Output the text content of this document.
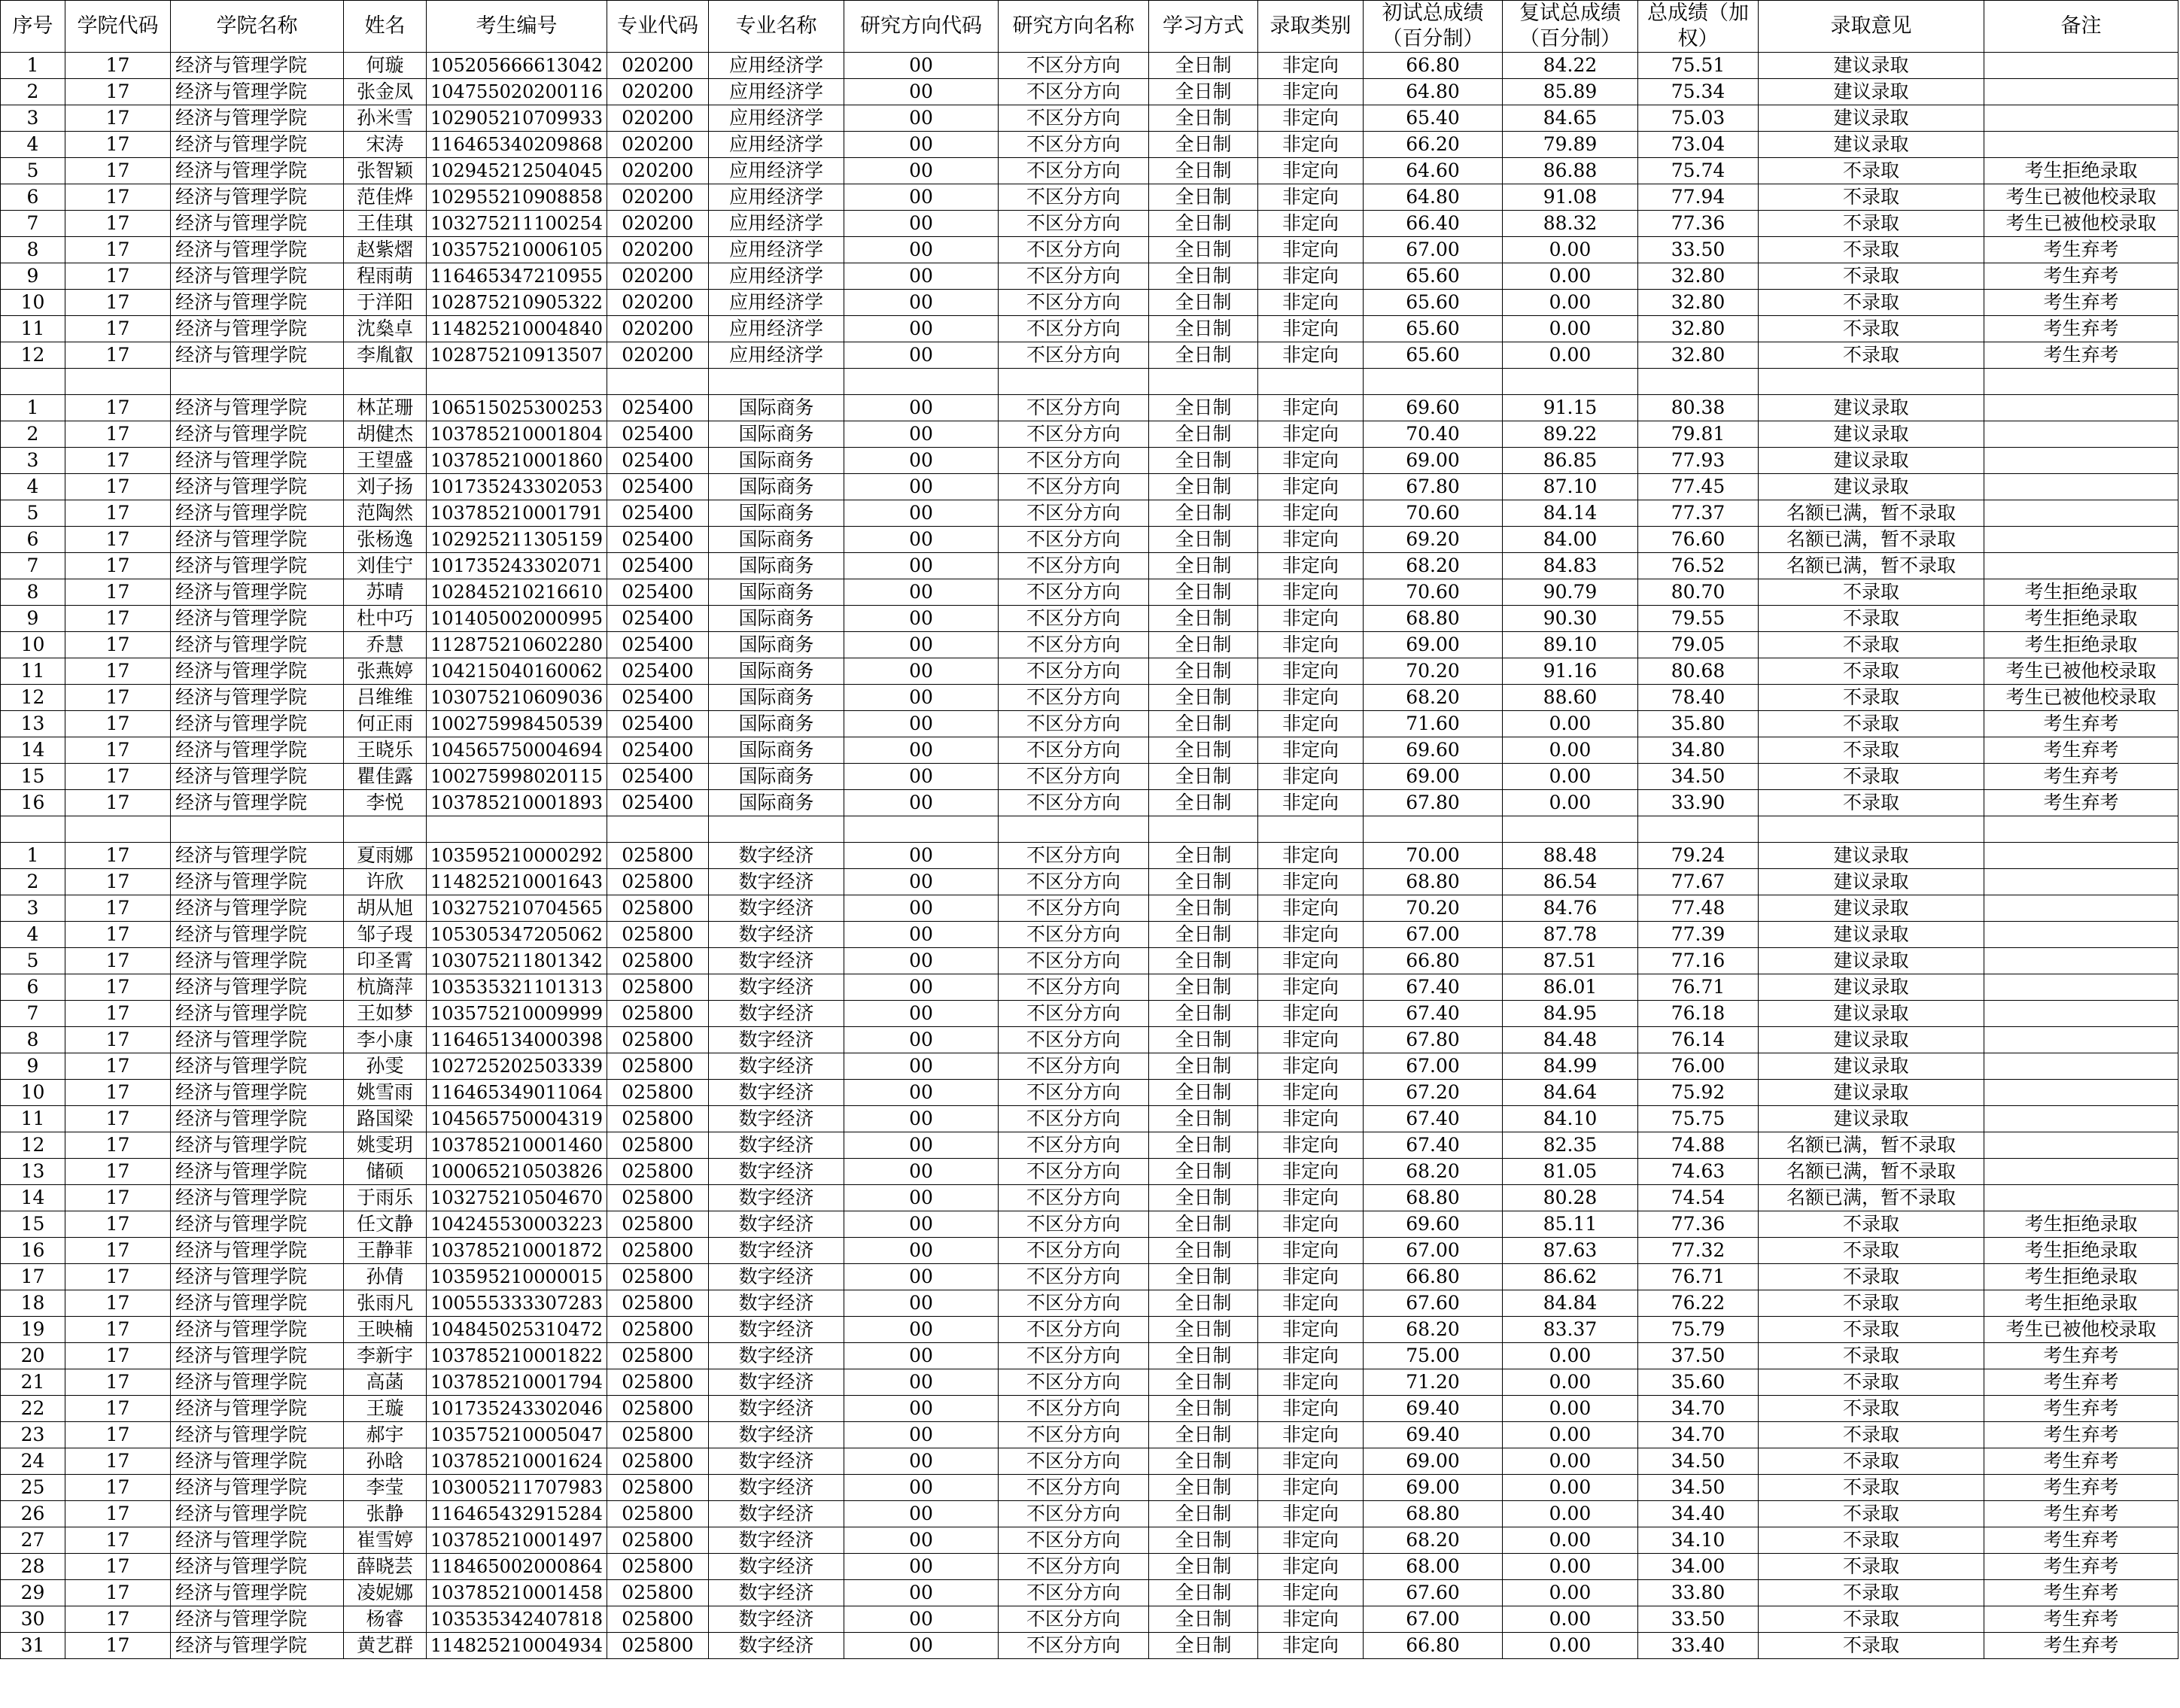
序号	学院代码	学院名称	姓名	考生编号	专业代码	专业名称	研究方向代码	研究方向名称	学习方式	录取类别	初试总成绩（百分制）	复试总成绩（百分制）	总成绩（加权）	录取意见	备注
1	17	经济与管理学院	何璇	105205666613042	020200	应用经济学	00	不区分方向	全日制	非定向	66.80	84.22	75.51	建议录取	
2	17	经济与管理学院	张金凤	104755020200116	020200	应用经济学	00	不区分方向	全日制	非定向	64.80	85.89	75.34	建议录取	
3	17	经济与管理学院	孙米雪	102905210709933	020200	应用经济学	00	不区分方向	全日制	非定向	65.40	84.65	75.03	建议录取	
4	17	经济与管理学院	宋涛	116465340209868	020200	应用经济学	00	不区分方向	全日制	非定向	66.20	79.89	73.04	建议录取	
5	17	经济与管理学院	张智颖	102945212504045	020200	应用经济学	00	不区分方向	全日制	非定向	64.60	86.88	75.74	不录取	考生拒绝录取
6	17	经济与管理学院	范佳烨	102955210908858	020200	应用经济学	00	不区分方向	全日制	非定向	64.80	91.08	77.94	不录取	考生已被他校录取
7	17	经济与管理学院	王佳琪	103275211100254	020200	应用经济学	00	不区分方向	全日制	非定向	66.40	88.32	77.36	不录取	考生已被他校录取
8	17	经济与管理学院	赵紫熠	103575210006105	020200	应用经济学	00	不区分方向	全日制	非定向	67.00	0.00	33.50	不录取	考生弃考
9	17	经济与管理学院	程雨萌	116465347210955	020200	应用经济学	00	不区分方向	全日制	非定向	65.60	0.00	32.80	不录取	考生弃考
10	17	经济与管理学院	于洋阳	102875210905322	020200	应用经济学	00	不区分方向	全日制	非定向	65.60	0.00	32.80	不录取	考生弃考
11	17	经济与管理学院	沈燊卓	114825210004840	020200	应用经济学	00	不区分方向	全日制	非定向	65.60	0.00	32.80	不录取	考生弃考
12	17	经济与管理学院	李胤叡	102875210913507	020200	应用经济学	00	不区分方向	全日制	非定向	65.60	0.00	32.80	不录取	考生弃考

1	17	经济与管理学院	林芷珊	106515025300253	025400	国际商务	00	不区分方向	全日制	非定向	69.60	91.15	80.38	建议录取	
2	17	经济与管理学院	胡健杰	103785210001804	025400	国际商务	00	不区分方向	全日制	非定向	70.40	89.22	79.81	建议录取	
3	17	经济与管理学院	王望盛	103785210001860	025400	国际商务	00	不区分方向	全日制	非定向	69.00	86.85	77.93	建议录取	
4	17	经济与管理学院	刘子扬	101735243302053	025400	国际商务	00	不区分方向	全日制	非定向	67.80	87.10	77.45	建议录取	
5	17	经济与管理学院	范陶然	103785210001791	025400	国际商务	00	不区分方向	全日制	非定向	70.60	84.14	77.37	名额已满，暂不录取	
6	17	经济与管理学院	张杨逸	102925211305159	025400	国际商务	00	不区分方向	全日制	非定向	69.20	84.00	76.60	名额已满，暂不录取	
7	17	经济与管理学院	刘佳宁	101735243302071	025400	国际商务	00	不区分方向	全日制	非定向	68.20	84.83	76.52	名额已满，暂不录取	
8	17	经济与管理学院	苏晴	102845210216610	025400	国际商务	00	不区分方向	全日制	非定向	70.60	90.79	80.70	不录取	考生拒绝录取
9	17	经济与管理学院	杜中巧	101405002000995	025400	国际商务	00	不区分方向	全日制	非定向	68.80	90.30	79.55	不录取	考生拒绝录取
10	17	经济与管理学院	乔慧	112875210602280	025400	国际商务	00	不区分方向	全日制	非定向	69.00	89.10	79.05	不录取	考生拒绝录取
11	17	经济与管理学院	张燕婷	104215040160062	025400	国际商务	00	不区分方向	全日制	非定向	70.20	91.16	80.68	不录取	考生已被他校录取
12	17	经济与管理学院	吕维维	103075210609036	025400	国际商务	00	不区分方向	全日制	非定向	68.20	88.60	78.40	不录取	考生已被他校录取
13	17	经济与管理学院	何正雨	100275998450539	025400	国际商务	00	不区分方向	全日制	非定向	71.60	0.00	35.80	不录取	考生弃考
14	17	经济与管理学院	王晓乐	104565750004694	025400	国际商务	00	不区分方向	全日制	非定向	69.60	0.00	34.80	不录取	考生弃考
15	17	经济与管理学院	瞿佳露	100275998020115	025400	国际商务	00	不区分方向	全日制	非定向	69.00	0.00	34.50	不录取	考生弃考
16	17	经济与管理学院	李悦	103785210001893	025400	国际商务	00	不区分方向	全日制	非定向	67.80	0.00	33.90	不录取	考生弃考

1	17	经济与管理学院	夏雨娜	103595210000292	025800	数字经济	00	不区分方向	全日制	非定向	70.00	88.48	79.24	建议录取	
2	17	经济与管理学院	许欣	114825210001643	025800	数字经济	00	不区分方向	全日制	非定向	68.80	86.54	77.67	建议录取	
3	17	经济与管理学院	胡从旭	103275210704565	025800	数字经济	00	不区分方向	全日制	非定向	70.20	84.76	77.48	建议录取	
4	17	经济与管理学院	邹子琝	105305347205062	025800	数字经济	00	不区分方向	全日制	非定向	67.00	87.78	77.39	建议录取	
5	17	经济与管理学院	印圣霄	103075211801342	025800	数字经济	00	不区分方向	全日制	非定向	66.80	87.51	77.16	建议录取	
6	17	经济与管理学院	杭旖萍	103535321101313	025800	数字经济	00	不区分方向	全日制	非定向	67.40	86.01	76.71	建议录取	
7	17	经济与管理学院	王如梦	103575210009999	025800	数字经济	00	不区分方向	全日制	非定向	67.40	84.95	76.18	建议录取	
8	17	经济与管理学院	李小康	116465134000398	025800	数字经济	00	不区分方向	全日制	非定向	67.80	84.48	76.14	建议录取	
9	17	经济与管理学院	孙雯	102725202503339	025800	数字经济	00	不区分方向	全日制	非定向	67.00	84.99	76.00	建议录取	
10	17	经济与管理学院	姚雪雨	116465349011064	025800	数字经济	00	不区分方向	全日制	非定向	67.20	84.64	75.92	建议录取	
11	17	经济与管理学院	路国梁	104565750004319	025800	数字经济	00	不区分方向	全日制	非定向	67.40	84.10	75.75	建议录取	
12	17	经济与管理学院	姚雯玥	103785210001460	025800	数字经济	00	不区分方向	全日制	非定向	67.40	82.35	74.88	名额已满，暂不录取	
13	17	经济与管理学院	储硕	100065210503826	025800	数字经济	00	不区分方向	全日制	非定向	68.20	81.05	74.63	名额已满，暂不录取	
14	17	经济与管理学院	于雨乐	103275210504670	025800	数字经济	00	不区分方向	全日制	非定向	68.80	80.28	74.54	名额已满，暂不录取	
15	17	经济与管理学院	任文静	104245530003223	025800	数字经济	00	不区分方向	全日制	非定向	69.60	85.11	77.36	不录取	考生拒绝录取
16	17	经济与管理学院	王静菲	103785210001872	025800	数字经济	00	不区分方向	全日制	非定向	67.00	87.63	77.32	不录取	考生拒绝录取
17	17	经济与管理学院	孙倩	103595210000015	025800	数字经济	00	不区分方向	全日制	非定向	66.80	86.62	76.71	不录取	考生拒绝录取
18	17	经济与管理学院	张雨凡	100555333307283	025800	数字经济	00	不区分方向	全日制	非定向	67.60	84.84	76.22	不录取	考生拒绝录取
19	17	经济与管理学院	王映楠	104845025310472	025800	数字经济	00	不区分方向	全日制	非定向	68.20	83.37	75.79	不录取	考生已被他校录取
20	17	经济与管理学院	李新宇	103785210001822	025800	数字经济	00	不区分方向	全日制	非定向	75.00	0.00	37.50	不录取	考生弃考
21	17	经济与管理学院	高菡	103785210001794	025800	数字经济	00	不区分方向	全日制	非定向	71.20	0.00	35.60	不录取	考生弃考
22	17	经济与管理学院	王璇	101735243302046	025800	数字经济	00	不区分方向	全日制	非定向	69.40	0.00	34.70	不录取	考生弃考
23	17	经济与管理学院	郝宇	103575210005047	025800	数字经济	00	不区分方向	全日制	非定向	69.40	0.00	34.70	不录取	考生弃考
24	17	经济与管理学院	孙晗	103785210001624	025800	数字经济	00	不区分方向	全日制	非定向	69.00	0.00	34.50	不录取	考生弃考
25	17	经济与管理学院	李莹	103005211707983	025800	数字经济	00	不区分方向	全日制	非定向	69.00	0.00	34.50	不录取	考生弃考
26	17	经济与管理学院	张静	116465432915284	025800	数字经济	00	不区分方向	全日制	非定向	68.80	0.00	34.40	不录取	考生弃考
27	17	经济与管理学院	崔雪婷	103785210001497	025800	数字经济	00	不区分方向	全日制	非定向	68.20	0.00	34.10	不录取	考生弃考
28	17	经济与管理学院	薛晓芸	118465002000864	025800	数字经济	00	不区分方向	全日制	非定向	68.00	0.00	34.00	不录取	考生弃考
29	17	经济与管理学院	凌妮娜	103785210001458	025800	数字经济	00	不区分方向	全日制	非定向	67.60	0.00	33.80	不录取	考生弃考
30	17	经济与管理学院	杨睿	103535342407818	025800	数字经济	00	不区分方向	全日制	非定向	67.00	0.00	33.50	不录取	考生弃考
31	17	经济与管理学院	黄艺群	114825210004934	025800	数字经济	00	不区分方向	全日制	非定向	66.80	0.00	33.40	不录取	考生弃考
